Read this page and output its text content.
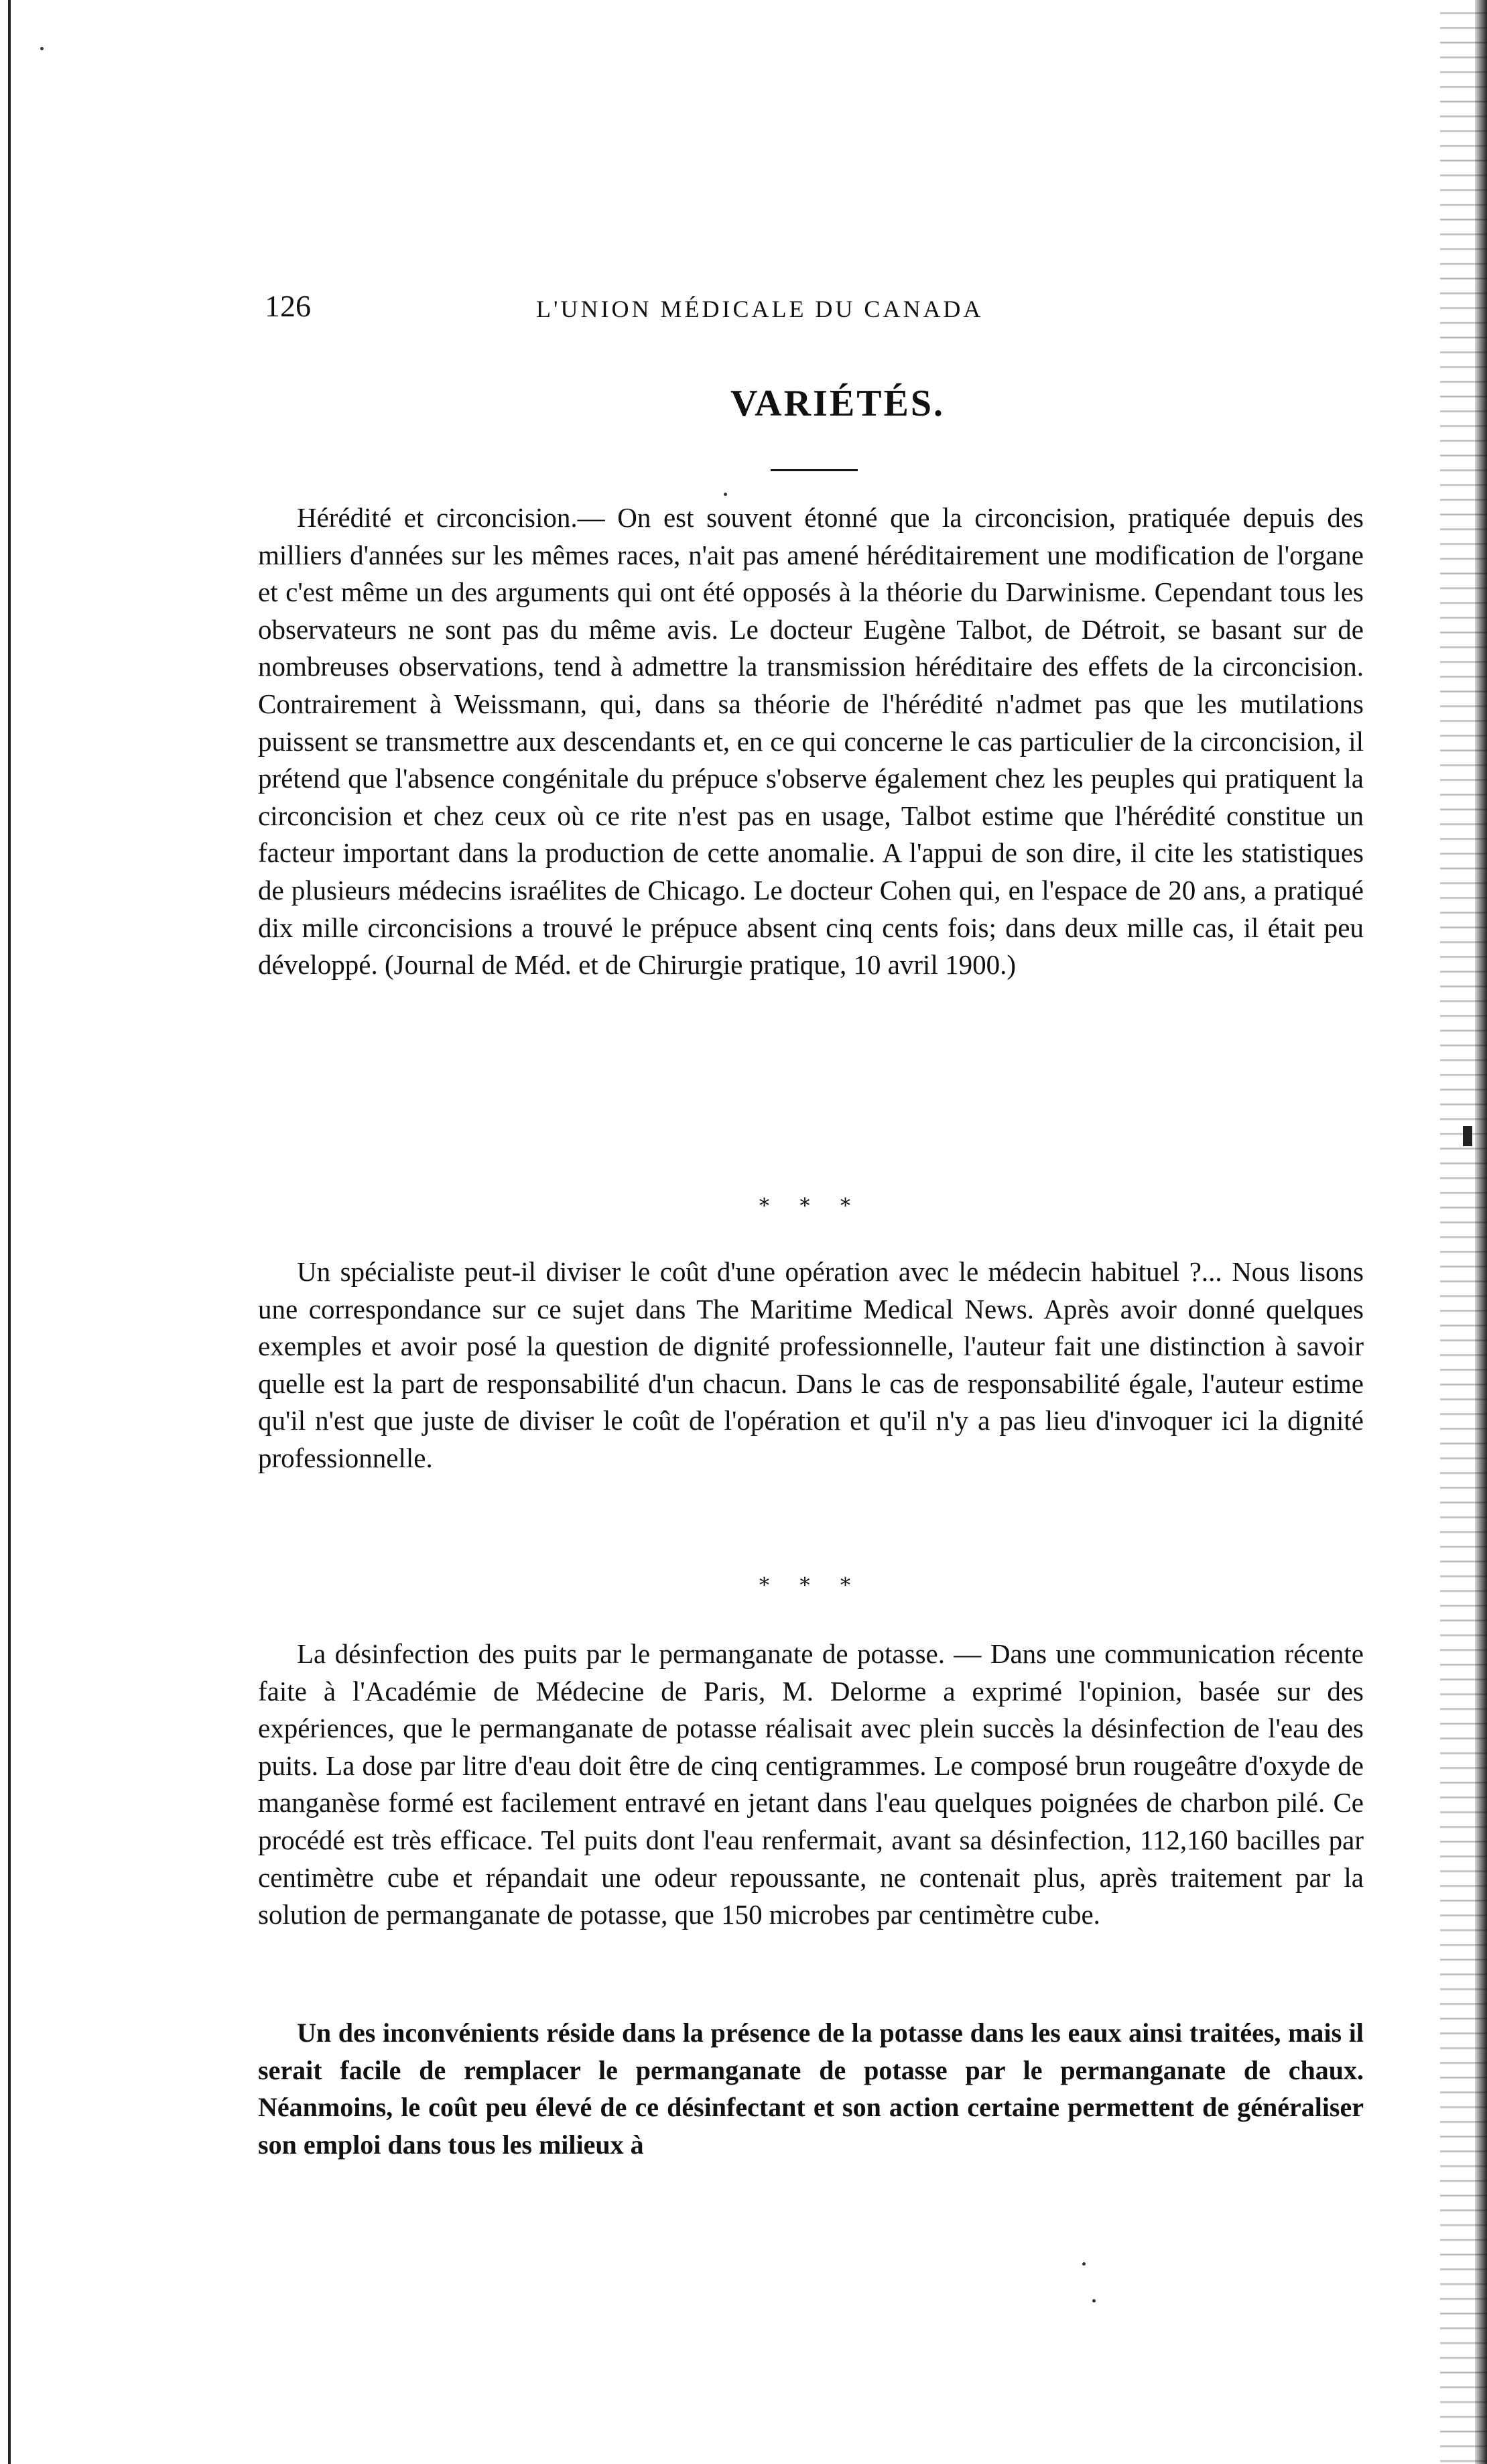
126	L'UNION MÉDICALE DU CANADA
VARIÉTÉS.

Hérédité et circoncision.— On est souvent étonné que la circoncision, pratiquée depuis des milliers d'années sur les mêmes races, n'ait pas amené héréditairement une modification de l'organe et c'est même un des arguments qui ont été opposés à la théorie du Darwinisme. Cependant tous les observateurs ne sont pas du même avis. Le docteur Eugène Talbot, de Détroit, se basant sur de nombreuses observations, tend à admettre la transmission héréditaire des effets de la circoncision. Contrairement à Weissmann, qui, dans sa théorie de l'hérédité n'admet pas que les mutilations puissent se transmettre aux descendants et, en ce qui concerne le cas particulier de la circoncision, il prétend que l'absence congénitale du prépuce s'observe également chez les peuples qui pratiquent la circoncision et chez ceux où ce rite n'est pas en usage, Talbot estime que l'hérédité constitue un facteur important dans la production de cette anomalie. A l'appui de son dire, il cite les statistiques de plusieurs médecins israélites de Chicago. Le docteur Cohen qui, en l'espace de 20 ans, a pratiqué dix mille circoncisions a trouvé le prépuce absent cinq cents fois; dans deux mille cas, il était peu développé. (Journal de Méd. et de Chirurgie pratique, 10 avril 1900.)

* * *

Un spécialiste peut-il diviser le coût d'une opération avec le médecin habituel ?... Nous lisons une correspondance sur ce sujet dans The Maritime Medical News. Après avoir donné quelques exemples et avoir posé la question de dignité professionnelle, l'auteur fait une distinction à savoir quelle est la part de responsabilité d'un chacun. Dans le cas de responsabilité égale, l'auteur estime qu'il n'est que juste de diviser le coût de l'opération et qu'il n'y a pas lieu d'invoquer ici la dignité professionnelle.

* * *

La désinfection des puits par le permanganate de potasse. — Dans une communication récente faite à l'Académie de Médecine de Paris, M. Delorme a exprimé l'opinion, basée sur des expériences, que le permanganate de potasse réalisait avec plein succès la désinfection de l'eau des puits. La dose par litre d'eau doit être de cinq centigrammes. Le composé brun rougeâtre d'oxyde de manganèse formé est facilement entravé en jetant dans l'eau quelques poignées de charbon pilé. Ce procédé est très efficace. Tel puits dont l'eau renfermait, avant sa désinfection, 112,160 bacilles par centimètre cube et répandait une odeur repoussante, ne contenait plus, après traitement par la solution de permanganate de potasse, que 150 microbes par centimètre cube.

Un des inconvénients réside dans la présence de la potasse dans les eaux ainsi traitées, mais il serait facile de remplacer le permanganate de potasse par le permanganate de chaux. Néanmoins, le coût peu élevé de ce désinfectant et son action certaine permettent de généraliser son emploi dans tous les milieux à
